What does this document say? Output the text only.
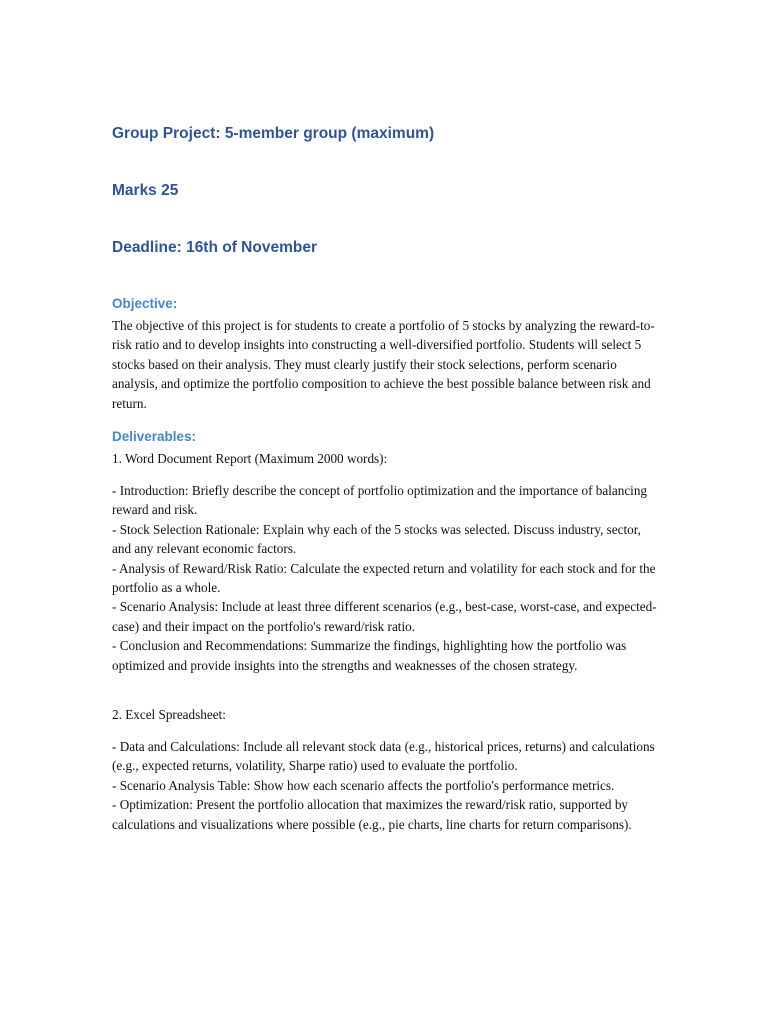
Group Project: 5-member group (maximum)
Marks 25
Deadline: 16th of November
Objective:

The objective of this project is for students to create a portfolio of 5 stocks by analyzing the reward-to-risk ratio and to develop insights into constructing a well-diversified portfolio. Students will select 5 stocks based on their analysis. They must clearly justify their stock selections, perform scenario analysis, and optimize the portfolio composition to achieve the best possible balance between risk and return.

Deliverables:

1. Word Document Report (Maximum 2000 words):

- Introduction: Briefly describe the concept of portfolio optimization and the importance of balancing reward and risk.
- Stock Selection Rationale: Explain why each of the 5 stocks was selected. Discuss industry, sector, and any relevant economic factors.
- Analysis of Reward/Risk Ratio: Calculate the expected return and volatility for each stock and for the portfolio as a whole.
- Scenario Analysis: Include at least three different scenarios (e.g., best-case, worst-case, and expected-case) and their impact on the portfolio's reward/risk ratio.
- Conclusion and Recommendations: Summarize the findings, highlighting how the portfolio was optimized and provide insights into the strengths and weaknesses of the chosen strategy.

2. Excel Spreadsheet:

- Data and Calculations: Include all relevant stock data (e.g., historical prices, returns) and calculations (e.g., expected returns, volatility, Sharpe ratio) used to evaluate the portfolio.
- Scenario Analysis Table: Show how each scenario affects the portfolio's performance metrics.
- Optimization: Present the portfolio allocation that maximizes the reward/risk ratio, supported by calculations and visualizations where possible (e.g., pie charts, line charts for return comparisons).
